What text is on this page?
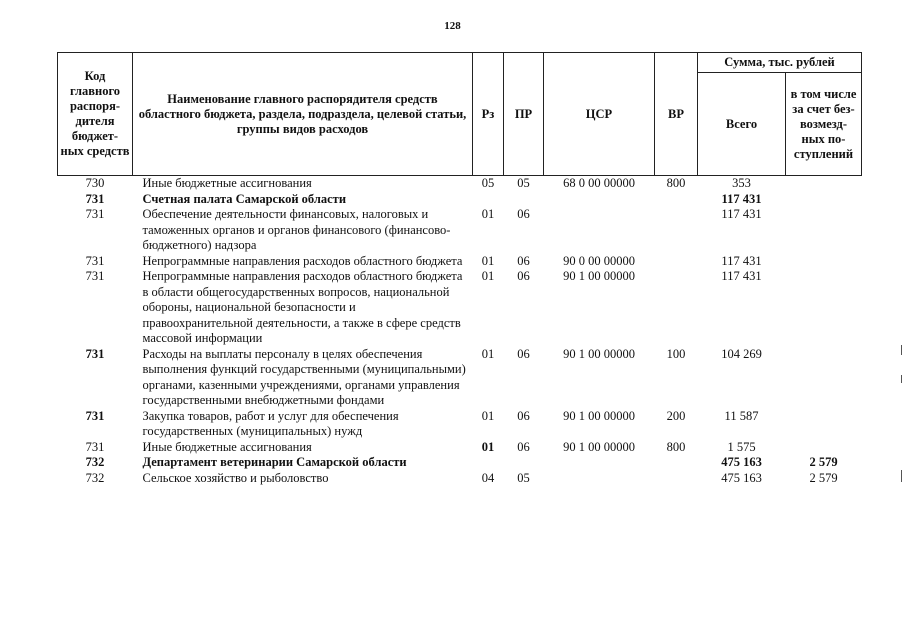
128
Код главного распоря- дителя бюджет- ных средств	Наименование главного распорядителя средств областного бюджета, раздела, подраздела, целевой статьи, группы видов расходов	Рз	ПР	ЦСР	ВР	Сумма, тыс. рублей	
						Всего	в том числе за счет без- возмезд- ных по- ступлений
730	Иные бюджетные ассигнования	05	05	68 0 00 00000	800	353	
731	Счетная палата Самарской области					117 431	
731	Обеспечение деятельности финансовых, налоговых и таможенных органов и органов финансового (финансово-бюджетного) надзора	01	06			117 431	
731	Непрограммные направления расходов областного бюджета	01	06	90 0 00 00000		117 431	
731	Непрограммные направления расходов областного бюджета в области общегосударственных вопросов, национальной обороны, национальной безопасности и правоохранительной деятельности, а также в сфере средств массовой информации	01	06	90 1 00 00000		117 431	
731	Расходы на выплаты персоналу в целях обеспечения выполнения функций государственными (муниципальными) органами, казенными учреждениями, органами управления государственными внебюджетными фондами	01	06	90 1 00 00000	100	104 269	
731	Закупка товаров, работ и услуг для обеспечения государственных (муниципальных) нужд	01	06	90 1 00 00000	200	11 587	
731	Иные бюджетные ассигнования	01	06	90 1 00 00000	800	1 575	
732	Департамент ветеринарии Самарской области					475 163	2 579
732	Сельское хозяйство и рыболовство	04	05			475 163	2 579
